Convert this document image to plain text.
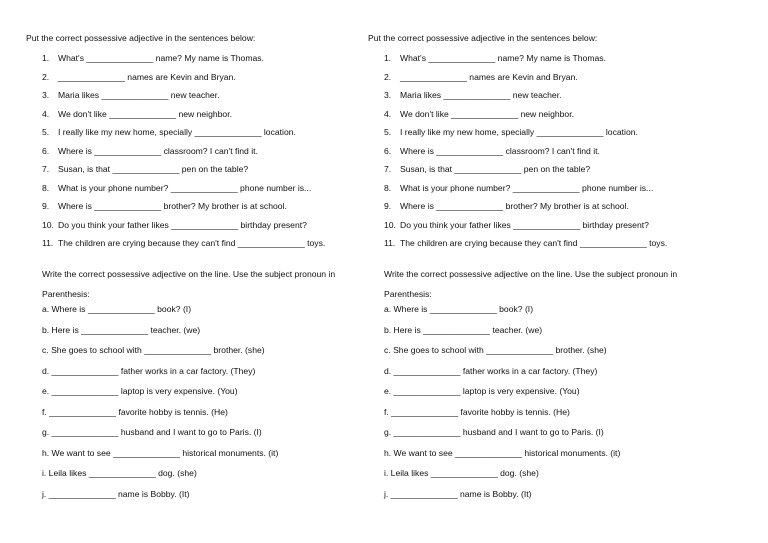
Put the correct possessive adjective in the sentences below:
1.	What's ______________ name? My name is Thomas.
2.	______________ names are Kevin and Bryan.
3.	Maria likes ______________ new teacher.
4.	We don't like ______________ new neighbor.
5.	I really like my new home, specially ______________ location.
6.	Where is ______________ classroom? I can't find it.
7.	Susan, is that ______________ pen on the table?
8.	What is your phone number? ______________ phone number is...
9.	Where is ______________ brother? My brother is at school.
10. Do you think your father likes ______________ birthday present?
11. The children are crying because they can't find ______________ toys.
Write the correct possessive adjective on the line. Use the subject pronoun in
Parenthesis:
a. Where is ______________ book? (I)
b. Here is ______________ teacher. (we)
c. She goes to school with ______________ brother. (she)
d. ______________ father works in a car factory. (They)
e. ______________ laptop is very expensive. (You)
f. ______________ favorite hobby is tennis. (He)
g. ______________ husband and I want to go to Paris. (I)
h. We want to see ______________ historical monuments. (it)
i. Leila likes ______________ dog. (she)
j. ______________ name is Bobby. (It)
Put the correct possessive adjective in the sentences below:
1.	What's ______________ name? My name is Thomas.
2.	______________ names are Kevin and Bryan.
3.	Maria likes ______________ new teacher.
4.	We don't like ______________ new neighbor.
5.	I really like my new home, specially ______________ location.
6.	Where is ______________ classroom? I can't find it.
7.	Susan, is that ______________ pen on the table?
8.	What is your phone number? ______________ phone number is...
9.	Where is ______________ brother? My brother is at school.
10. Do you think your father likes ______________ birthday present?
11. The children are crying because they can't find ______________ toys.
Write the correct possessive adjective on the line. Use the subject pronoun in
Parenthesis:
a. Where is ______________ book? (I)
b. Here is ______________ teacher. (we)
c. She goes to school with ______________ brother. (she)
d. ______________ father works in a car factory. (They)
e. ______________ laptop is very expensive. (You)
f. ______________ favorite hobby is tennis. (He)
g. ______________ husband and I want to go to Paris. (I)
h. We want to see ______________ historical monuments. (it)
i. Leila likes ______________ dog. (she)
j. ______________ name is Bobby. (It)
